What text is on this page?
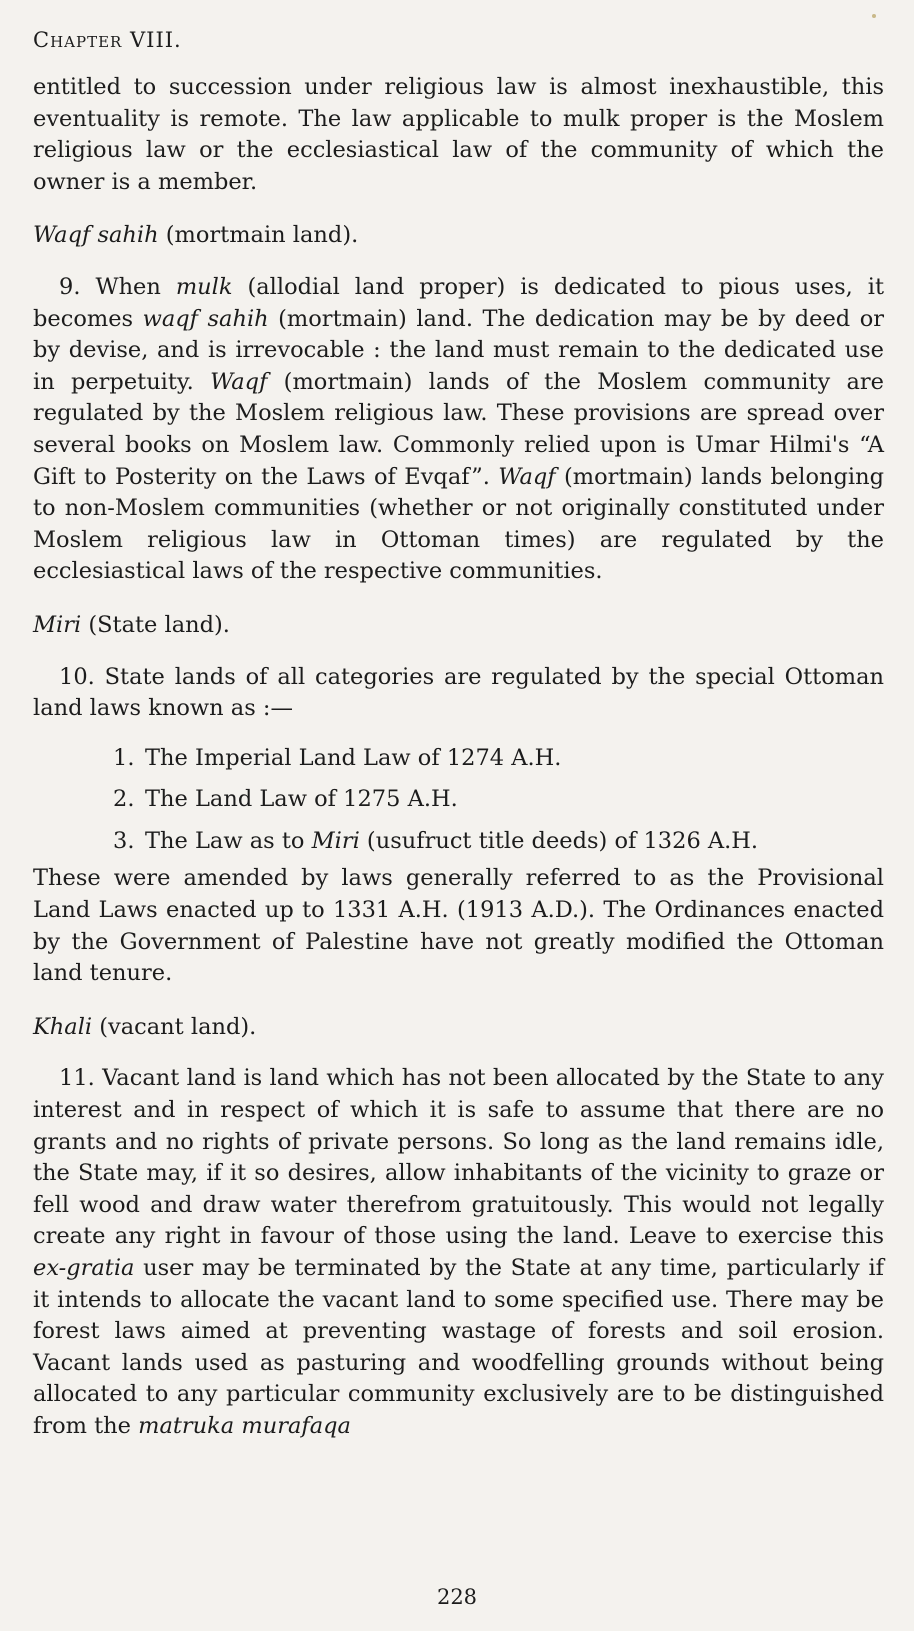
Chapter VIII.

entitled to succession under religious law is almost inexhaustible, this eventuality is remote. The law applicable to mulk proper is the Moslem religious law or the ecclesiastical law of the community of which the owner is a member.

Waqf sahih (mortmain land).

9. When mulk (allodial land proper) is dedicated to pious uses, it becomes waqf sahih (mortmain) land. The dedication may be by deed or by devise, and is irrevocable : the land must remain to the dedicated use in perpetuity. Waqf (mortmain) lands of the Moslem community are regulated by the Moslem religious law. These provisions are spread over several books on Moslem law. Commonly relied upon is Umar Hilmi's “A Gift to Posterity on the Laws of Evqaf”. Waqf (mortmain) lands belonging to non-Moslem communities (whether or not originally constituted under Moslem religious law in Ottoman times) are regulated by the ecclesiastical laws of the respective communities.

Miri (State land).

10. State lands of all categories are regulated by the special Ottoman land laws known as :—

1. The Imperial Land Law of 1274 A.H.
2. The Land Law of 1275 A.H.
3. The Law as to Miri (usufruct title deeds) of 1326 A.H.

These were amended by laws generally referred to as the Provisional Land Laws enacted up to 1331 A.H. (1913 A.D.). The Ordinances enacted by the Government of Palestine have not greatly modified the Ottoman land tenure.

Khali (vacant land).

11. Vacant land is land which has not been allocated by the State to any interest and in respect of which it is safe to assume that there are no grants and no rights of private persons. So long as the land remains idle, the State may, if it so desires, allow inhabitants of the vicinity to graze or fell wood and draw water therefrom gratuitously. This would not legally create any right in favour of those using the land. Leave to exercise this ex-gratia user may be terminated by the State at any time, particularly if it intends to allocate the vacant land to some specified use. There may be forest laws aimed at preventing wastage of forests and soil erosion. Vacant lands used as pasturing and woodfelling grounds without being allocated to any particular community exclusively are to be distinguished from the matruka murafaqa

228
